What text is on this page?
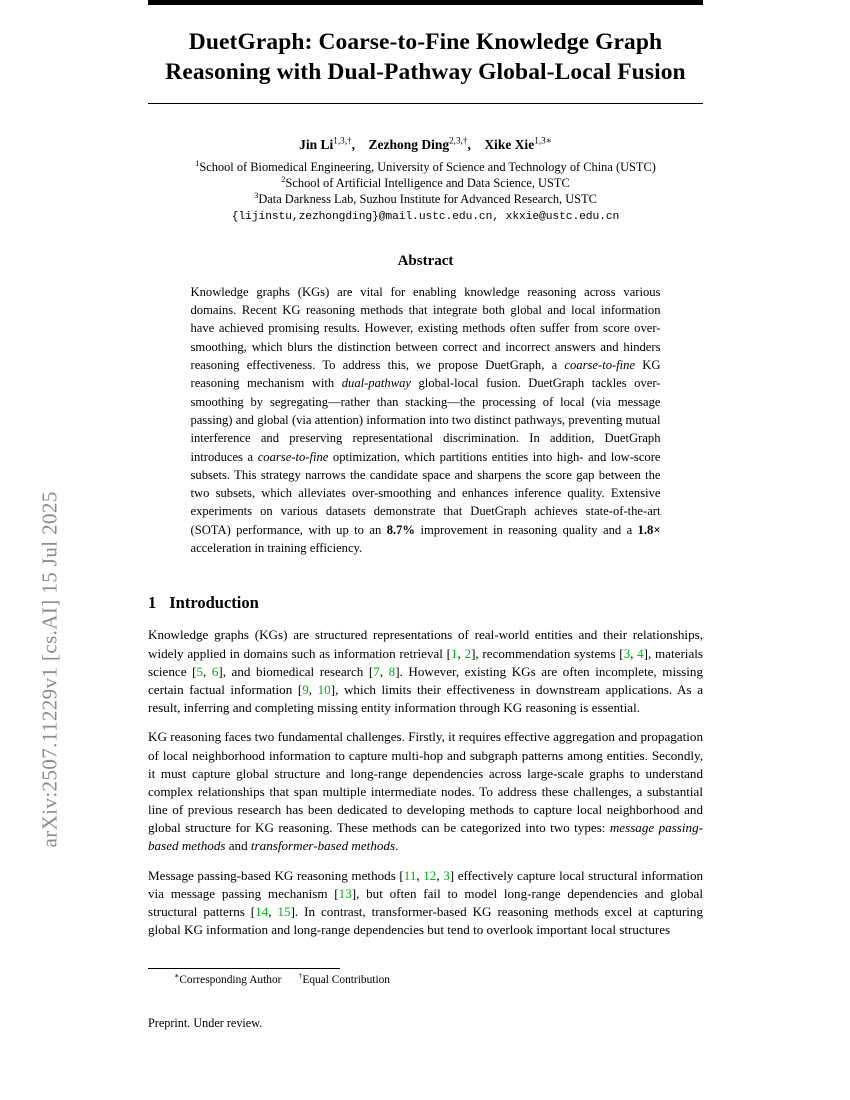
arXiv:2507.11229v1 [cs.AI] 15 Jul 2025
DuetGraph: Coarse-to-Fine Knowledge Graph
Reasoning with Dual-Pathway Global-Local Fusion

Jin $Li^{1,3,\dagger}$, Zezhong Ding$^{2,3,\dagger}$, Xike Xie$^{1,3∗}$

$^1$School of Biomedical Engineering, University of Science and Technology of China (USTC)

$^2$School of Artificial Intelligence and Data Science, USTC

$^3$Data Darkness Lab, Suzhou Institute for Advanced Research, USTC

{lijinstu,zezhongding}@mail.ustc.edu.cn, xkxie@ustc.edu.cn

Abstract

Knowledge graphs (KGs) are vital for enabling knowledge reasoning across various domains. Recent KG reasoning methods that integrate both global and local information have achieved promising results. However, existing methods often suffer from score over-smoothing, which blurs the distinction between correct and incorrect answers and hinders reasoning effectiveness. To address this, we propose DuetGraph, a coarse-to-fine KG reasoning mechanism with dual-pathway global-local fusion. DuetGraph tackles over-smoothing by segregating—rather than stacking—the processing of local (via message passing) and global (via attention) information into two distinct pathways, preventing mutual interference and preserving representational discrimination. In addition, DuetGraph introduces a coarse-to-fine optimization, which partitions entities into high- and low-score subsets. This strategy narrows the candidate space and sharpens the score gap between the two subsets, which alleviates over-smoothing and enhances inference quality. Extensive experiments on various datasets demonstrate that DuetGraph achieves state-of-the-art (SOTA) performance, with up to an 8.7% improvement in reasoning quality and a 1.8× acceleration in training efficiency.

1 Introduction

Knowledge graphs (KGs) are structured representations of real-world entities and their relationships, widely applied in domains such as information retrieval [1, 2], recommendation systems [3, 4], materials science [5, 6], and biomedical research [7, 8]. However, existing KGs are often incomplete, missing certain factual information [9, 10], which limits their effectiveness in downstream applications. As a result, inferring and completing missing entity information through KG reasoning is essential.

KG reasoning faces two fundamental challenges. Firstly, it requires effective aggregation and propagation of local neighborhood information to capture multi-hop and subgraph patterns among entities. Secondly, it must capture global structure and long-range dependencies across large-scale graphs to understand complex relationships that span multiple intermediate nodes. To address these challenges, a substantial line of previous research has been dedicated to developing methods to capture local neighborhood and global structure for KG reasoning. These methods can be categorized into two types: message passing-based methods and transformer-based methods.

Message passing-based KG reasoning methods [11, 12, 3] effectively capture local structural information via message passing mechanism [13], but often fail to model long-range dependencies and global structural patterns [14, 15]. In contrast, transformer-based KG reasoning methods excel at capturing global KG information and long-range dependencies but tend to overlook important local structures

∗Corresponding Author †Equal Contribution

Preprint. Under review.
